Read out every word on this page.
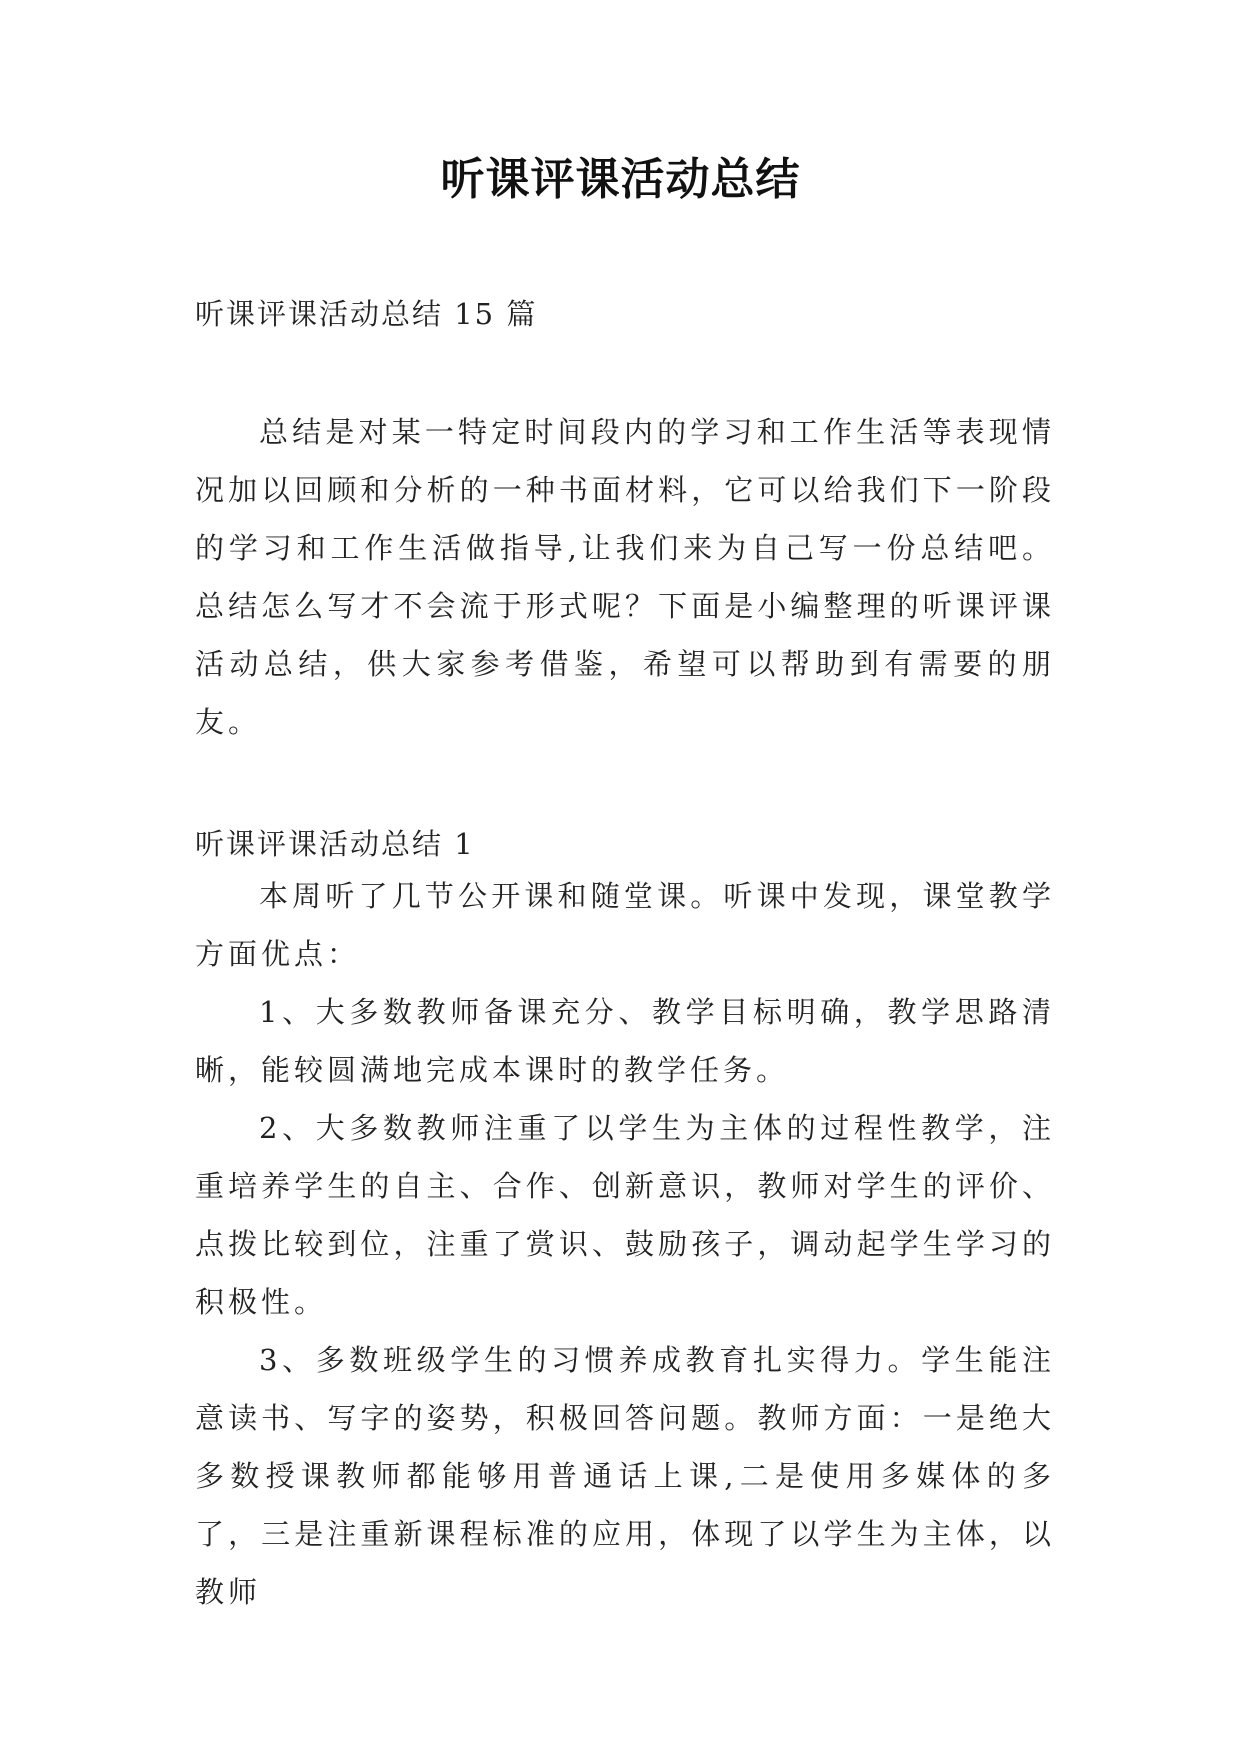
听课评课活动总结
听课评课活动总结 15 篇

总结是对某一特定时间段内的学习和工作生活等表现情况加以回顾和分析的一种书面材料，它可以给我们下一阶段的学习和工作生活做指导,让我们来为自己写一份总结吧。总结怎么写才不会流于形式呢？下面是小编整理的听课评课活动总结，供大家参考借鉴，希望可以帮助到有需要的朋友。

听课评课活动总结 1

本周听了几节公开课和随堂课。听课中发现，课堂教学方面优点：

1、大多数教师备课充分、教学目标明确，教学思路清晰，能较圆满地完成本课时的教学任务。

2、大多数教师注重了以学生为主体的过程性教学，注重培养学生的自主、合作、创新意识，教师对学生的评价、点拨比较到位，注重了赏识、鼓励孩子，调动起学生学习的积极性。

3、多数班级学生的习惯养成教育扎实得力。学生能注意读书、写字的姿势，积极回答问题。教师方面：一是绝大多数授课教师都能够用普通话上课,二是使用多媒体的多了，三是注重新课程标准的应用，体现了以学生为主体，以教师
